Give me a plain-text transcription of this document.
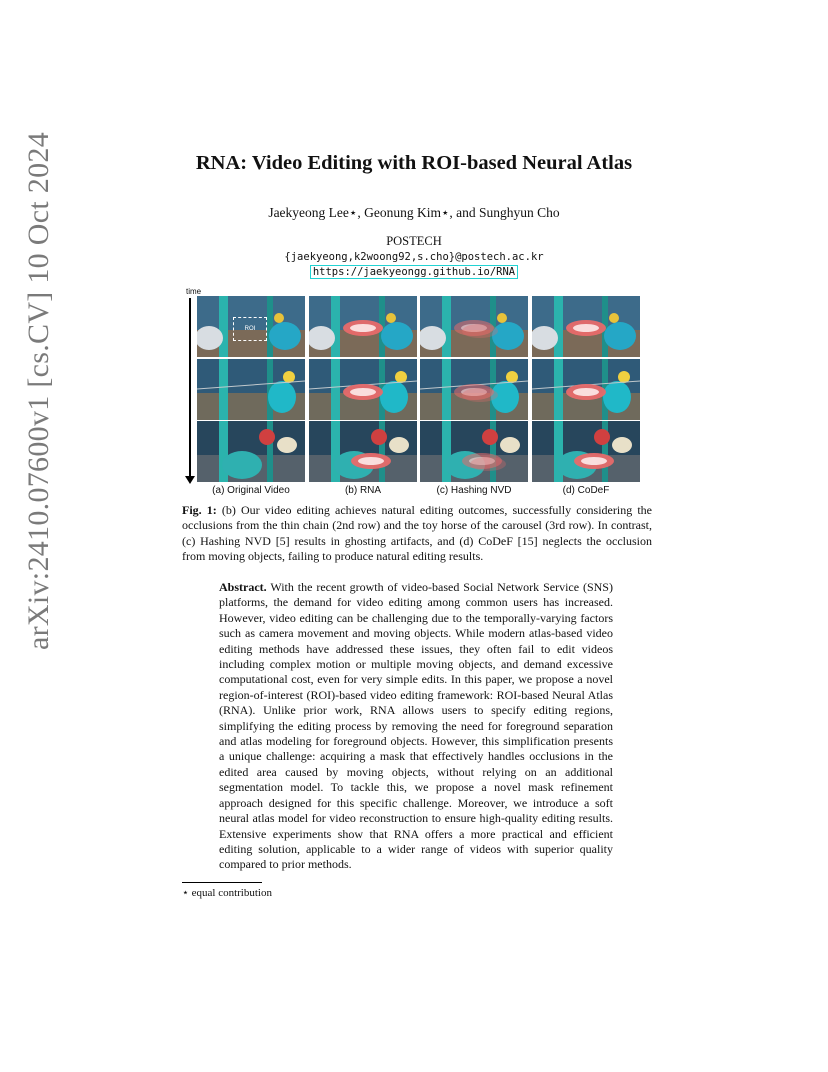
arXiv:2410.07600v1 [cs.CV] 10 Oct 2024	RNA: Video Editing with ROI-based Neural Atlas
Jaekyeong Lee⋆, Geonung Kim⋆, and Sunghyun Cho
POSTECH
{jaekyeong,k2woong92,s.cho}@postech.ac.kr
https://jaekyeongg.github.io/RNA
time
ROI
(a) Original Video	(b) RNA	(c) Hashing NVD	(d) CoDeF
Fig. 1: (b) Our video editing achieves natural editing outcomes, successfully considering the occlusions from the thin chain (2nd row) and the toy horse of the carousel (3rd row). In contrast, (c) Hashing NVD [5] results in ghosting artifacts, and (d) CoDeF [15] neglects the occlusion from moving objects, failing to produce natural editing results.
Abstract. With the recent growth of video-based Social Network Service (SNS) platforms, the demand for video editing among common users has increased. However, video editing can be challenging due to the temporally-varying factors such as camera movement and moving objects. While modern atlas-based video editing methods have addressed these issues, they often fail to edit videos including complex motion or multiple moving objects, and demand excessive computational cost, even for very simple edits. In this paper, we propose a novel region-of-interest (ROI)-based video editing framework: ROI-based Neural Atlas (RNA). Unlike prior work, RNA allows users to specify editing regions, simplifying the editing process by removing the need for foreground separation and atlas modeling for foreground objects. However, this simplification presents a unique challenge: acquiring a mask that effectively handles occlusions in the edited area caused by moving objects, without relying on an additional segmentation model. To tackle this, we propose a novel mask refinement approach designed for this specific challenge. Moreover, we introduce a soft neural atlas model for video reconstruction to ensure high-quality editing results. Extensive experiments show that RNA offers a more practical and efficient editing solution, applicable to a wider range of videos with superior quality compared to prior methods.
⋆ equal contribution
